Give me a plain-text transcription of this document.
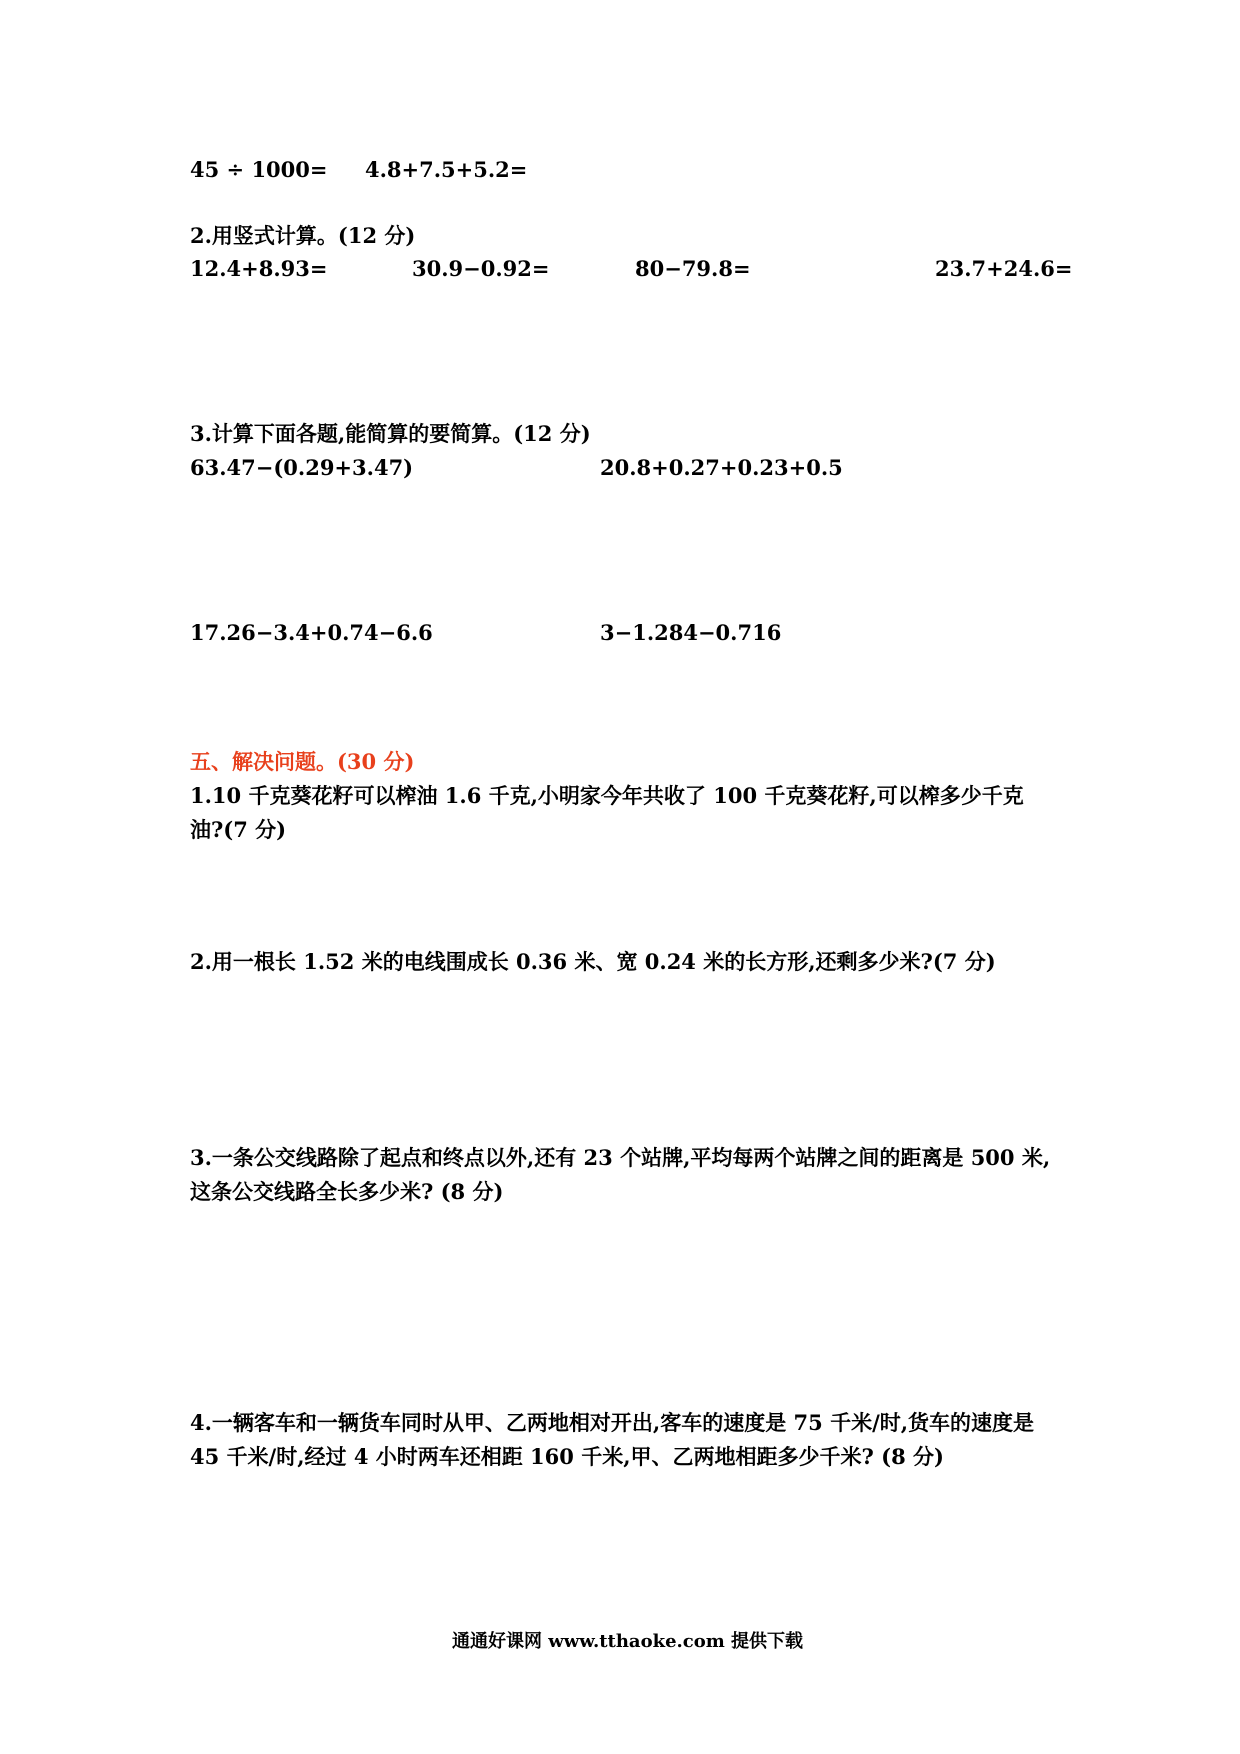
45 ÷ 1000= 4.8+7.5+5.2=
2.用竖式计算。(12 分)
12.4+8.93=	30.9−0.92=	80−79.8=	23.7+24.6=
3.计算下面各题,能简算的要简算。(12 分)
63.47−(0.29+3.47)	20.8+0.27+0.23+0.5
17.26−3.4+0.74−6.6	3−1.284−0.716
五、解决问题。(30 分)
1.10 千克葵花籽可以榨油 1.6 千克,小明家今年共收了 100 千克葵花籽,可以榨多少千克
油?(7 分)
2.用一根长 1.52 米的电线围成长 0.36 米、宽 0.24 米的长方形,还剩多少米?(7 分)
3.一条公交线路除了起点和终点以外,还有 23 个站牌,平均每两个站牌之间的距离是 500 米,
这条公交线路全长多少米? (8 分)
4.一辆客车和一辆货车同时从甲、乙两地相对开出,客车的速度是 75 千米/时,货车的速度是
45 千米/时,经过 4 小时两车还相距 160 千米,甲、乙两地相距多少千米? (8 分)
通通好课网 www.tthaoke.com 提供下载
